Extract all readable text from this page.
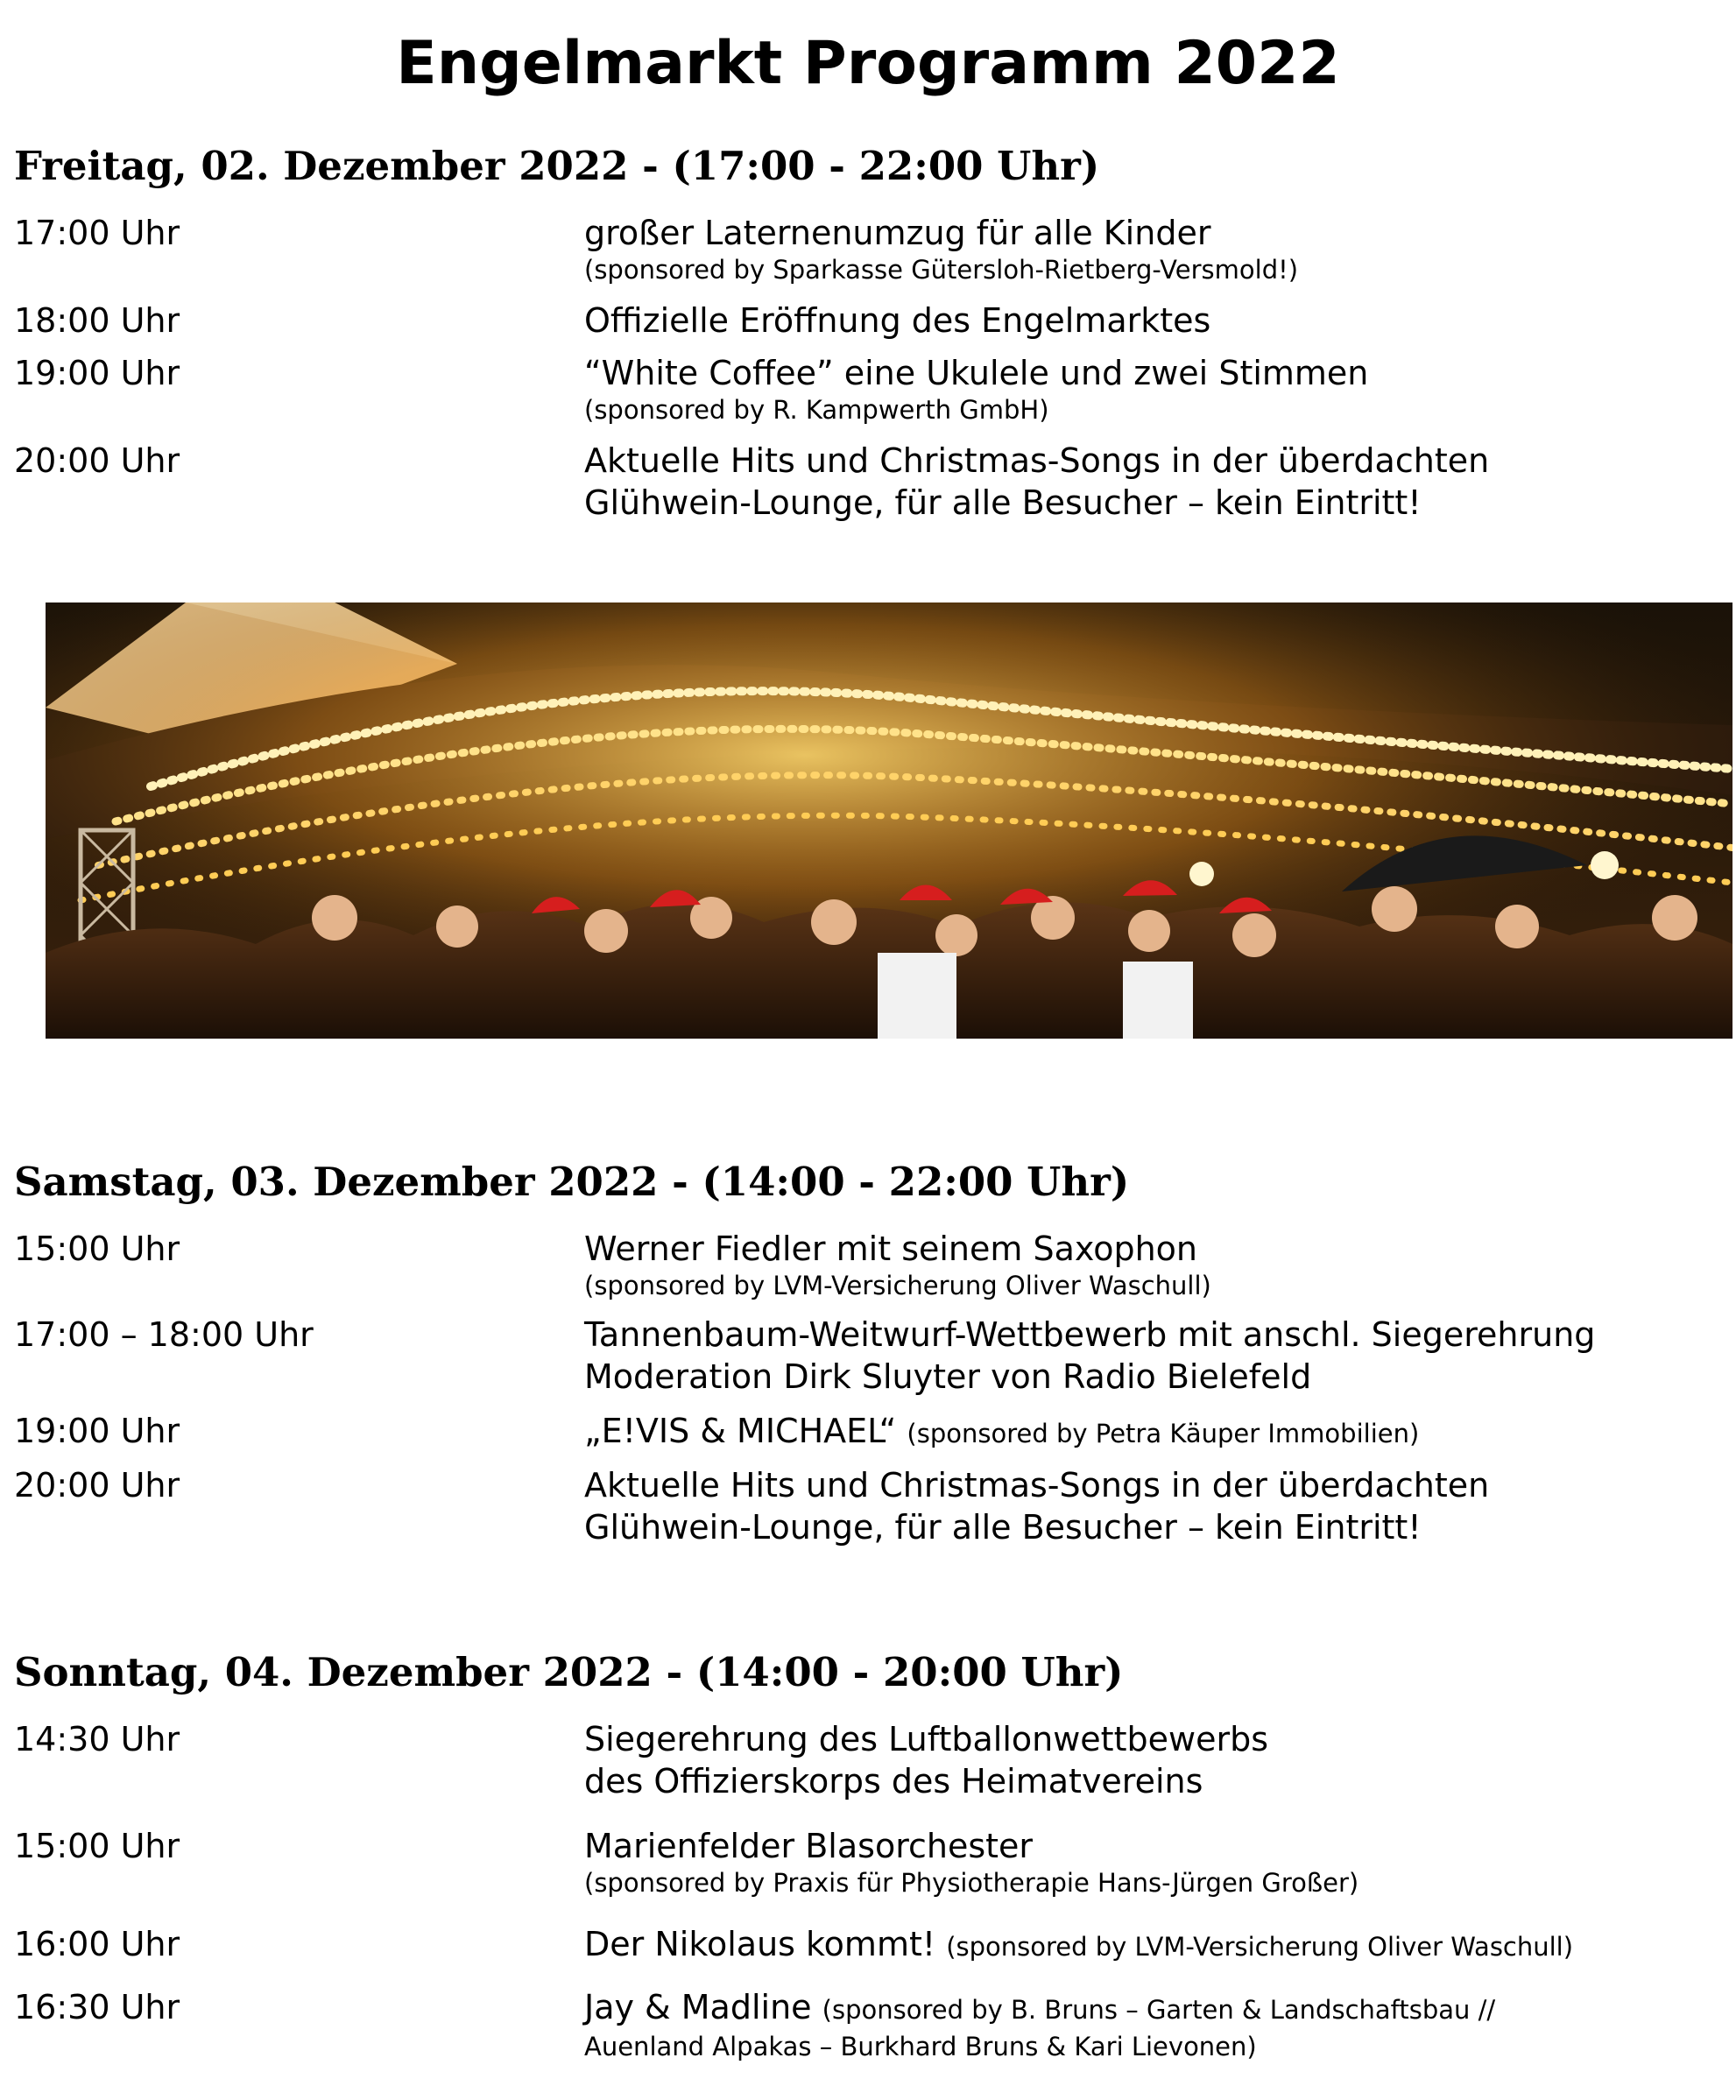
Engelmarkt Programm 2022
Freitag, 02. Dezember 2022 - (17:00 - 22:00 Uhr)
17:00 Uhr	großer Laternenumzug für alle Kinder
(sponsored by Sparkasse Gütersloh-Rietberg-Versmold!)
18:00 Uhr	Offizielle Eröffnung des Engelmarktes
19:00 Uhr	“White Coffee” eine Ukulele und zwei Stimmen
(sponsored by R. Kampwerth GmbH)
20:00 Uhr	Aktuelle Hits und Christmas-Songs in der überdachten
Glühwein-Lounge, für alle Besucher – kein Eintritt!
Samstag, 03. Dezember 2022 - (14:00 - 22:00 Uhr)
15:00 Uhr	Werner Fiedler mit seinem Saxophon
(sponsored by LVM-Versicherung Oliver Waschull)
17:00 – 18:00 Uhr	Tannenbaum-Weitwurf-Wettbewerb mit anschl. Siegerehrung
Moderation Dirk Sluyter von Radio Bielefeld
19:00 Uhr	„E!VIS & MICHAEL“ (sponsored by Petra Käuper Immobilien)
20:00 Uhr	Aktuelle Hits und Christmas-Songs in der überdachten
Glühwein-Lounge, für alle Besucher – kein Eintritt!
Sonntag, 04. Dezember 2022 - (14:00 - 20:00 Uhr)
14:30 Uhr	Siegerehrung des Luftballonwettbewerbs
des Offizierskorps des Heimatvereins
15:00 Uhr	Marienfelder Blasorchester
(sponsored by Praxis für Physiotherapie Hans-Jürgen Großer)
16:00 Uhr	Der Nikolaus kommt! (sponsored by LVM-Versicherung Oliver Waschull)
16:30 Uhr	Jay & Madline (sponsored by B. Bruns – Garten & Landschaftsbau //
Auenland Alpakas – Burkhard Bruns & Kari Lievonen)
